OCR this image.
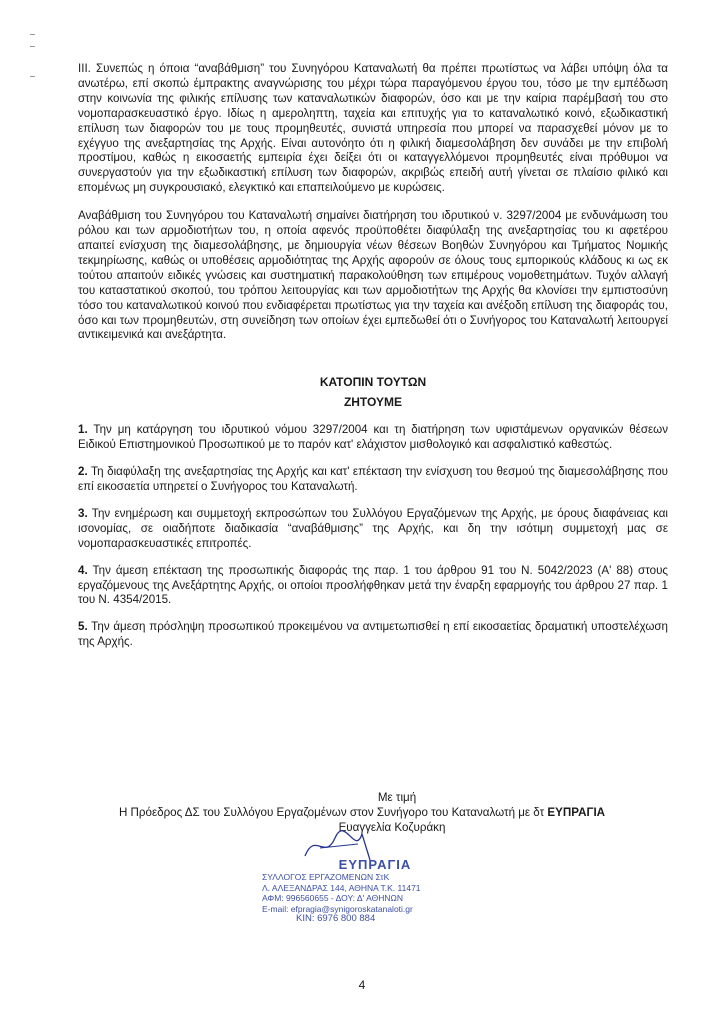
III. Συνεπώς η όποια “αναβάθμιση” του Συνηγόρου Καταναλωτή θα πρέπει πρωτίστως να λάβει υπόψη όλα τα ανωτέρω, επί σκοπώ έμπρακτης αναγνώρισης του μέχρι τώρα παραγόμενου έργου του, τόσο με την εμπέδωση στην κοινωνία της φιλικής επίλυσης των καταναλωτικών διαφορών, όσο και με την καίρια παρέμβασή του στο νομοπαρασκευαστικό έργο. Ιδίως η αμεροληπτη, ταχεία και επιτυχής για το καταναλωτικό κοινό, εξωδικαστική επίλυση των διαφορών του με τους προμηθευτές, συνιστά υπηρεσία που μπορεί να παρασχεθεί μόνον με το εχέγγυο της ανεξαρτησίας της Αρχής. Είναι αυτονόητο ότι η φιλική διαμεσολάβηση δεν συνάδει με την επιβολή προστίμου, καθώς η εικοσαετής εμπειρία έχει δείξει ότι οι καταγγελλόμενοι προμηθευτές είναι πρόθυμοι να συνεργαστούν για την εξωδικαστική επίλυση των διαφορών, ακριβώς επειδή αυτή γίνεται σε πλαίσιο φιλικό και επομένως μη συγκρουσιακό, ελεγκτικό και επαπειλούμενο με κυρώσεις.

Αναβάθμιση του Συνηγόρου του Καταναλωτή σημαίνει διατήρηση του ιδρυτικού ν. 3297/2004 με ενδυνάμωση του ρόλου και των αρμοδιοτήτων του, η οποία αφενός προϋποθέτει διαφύλαξη της ανεξαρτησίας του κι αφετέρου απαιτεί ενίσχυση της διαμεσολάβησης, με δημιουργία νέων θέσεων Βοηθών Συνηγόρου και Τμήματος Νομικής τεκμηρίωσης, καθώς οι υποθέσεις αρμοδιότητας της Αρχής αφορούν σε όλους τους εμπορικούς κλάδους κι ως εκ τούτου απαιτούν ειδικές γνώσεις και συστηματική παρακολούθηση των επιμέρους νομοθετημάτων. Τυχόν αλλαγή του καταστατικού σκοπού, του τρόπου λειτουργίας και των αρμοδιοτήτων της Αρχής θα κλονίσει την εμπιστοσύνη τόσο του καταναλωτικού κοινού που ενδιαφέρεται πρωτίστως για την ταχεία και ανέξοδη επίλυση της διαφοράς του, όσο και των προμηθευτών, στη συνείδηση των οποίων έχει εμπεδωθεί ότι ο Συνήγορος του Καταναλωτή λειτουργεί αντικειμενικά και ανεξάρτητα.

ΚΑΤΟΠΙΝ ΤΟΥΤΩΝ

ΖΗΤΟΥΜΕ

1. Την μη κατάργηση του ιδρυτικού νόμου 3297/2004 και τη διατήρηση των υφιστάμενων οργανικών θέσεων Ειδικού Επιστημονικού Προσωπικού με το παρόν κατ' ελάχιστον μισθολογικό και ασφαλιστικό καθεστώς.

2. Τη διαφύλαξη της ανεξαρτησίας της Αρχής και κατ' επέκταση την ενίσχυση του θεσμού της διαμεσολάβησης που επί εικοσαετία υπηρετεί ο Συνήγορος του Καταναλωτή.

3. Την ενημέρωση και συμμετοχή εκπροσώπων του Συλλόγου Εργαζόμενων της Αρχής, με όρους διαφάνειας και ισονομίας, σε οιαδήποτε διαδικασία “αναβάθμισης” της Αρχής, και δη την ισότιμη συμμετοχή μας σε νομοπαρασκευαστικές επιτροπές.

4. Την άμεση επέκταση της προσωπικής διαφοράς της παρ. 1 του άρθρου 91 του Ν. 5042/2023 (Α' 88) στους εργαζόμενους της Ανεξάρτητης Αρχής, οι οποίοι προσλήφθηκαν μετά την έναρξη εφαρμογής του άρθρου 27 παρ. 1 του Ν. 4354/2015.

5. Την άμεση πρόσληψη προσωπικού προκειμένου να αντιμετωπισθεί η επί εικοσαετίας δραματική υποστελέχωση της Αρχής.

Με τιμή
Η Πρόεδρος ΔΣ του Συλλόγου Εργαζομένων στον Συνήγορο του Καταναλωτή με δτ ΕΥΠΡΑΓΙΑ
Ευαγγελία Κοζυράκη
ΕΥΠΡΑΓΙΑ
ΣΥΛΛΟΓΟΣ ΕΡΓΑΖΟΜΕΝΩΝ ΣτΚ
Λ. ΑΛΕΞΑΝΔΡΑΣ 144, ΑΘΗΝΑ Τ.Κ. 11471
ΑΦΜ: 996560655 - ΔΟΥ: Δ' ΑΘΗΝΩΝ
E-mail: efpragia@synigoroskatanaloti.gr
ΚΙΝ: 6976 800 884
4
